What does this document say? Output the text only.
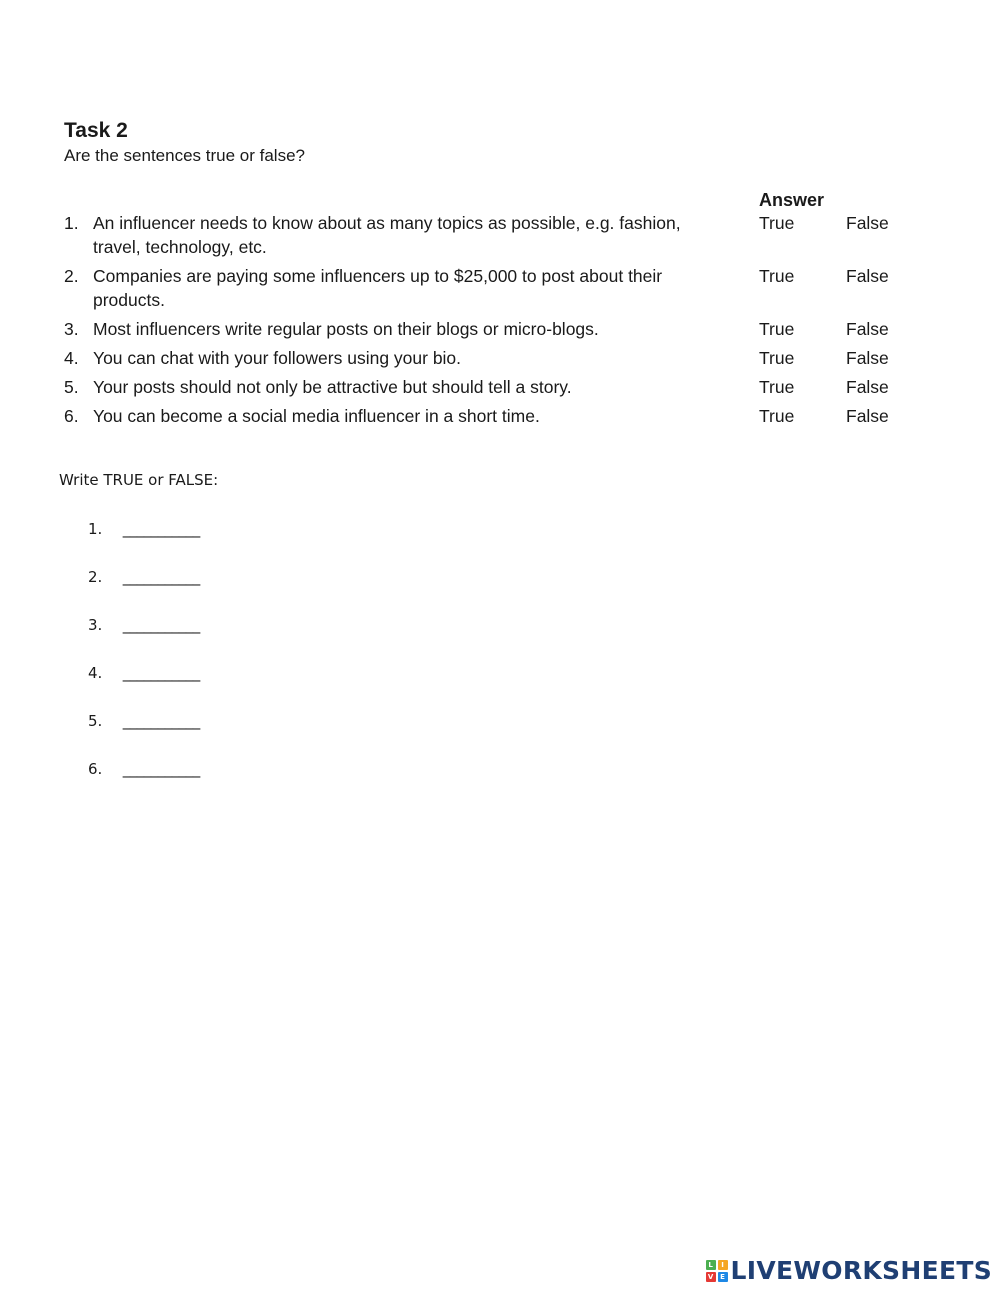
Task 2
Are the sentences true or false?
Answer
1. An influencer needs to know about as many topics as possible, e.g. fashion, travel, technology, etc.
True	False
2. Companies are paying some influencers up to $25,000 to post about their products.
True	False
3. Most influencers write regular posts on their blogs or micro-blogs.	True	False
4. You can chat with your followers using your bio.	True	False
5. Your posts should not only be attractive but should tell a story.	True	False
6. You can become a social media influencer in a short time.	True	False
Write TRUE or FALSE:
1. ___________
2. ___________
3. ___________
4. ___________
5. ___________
6. ___________
L	I
V E LIVEWORKSHEETS
